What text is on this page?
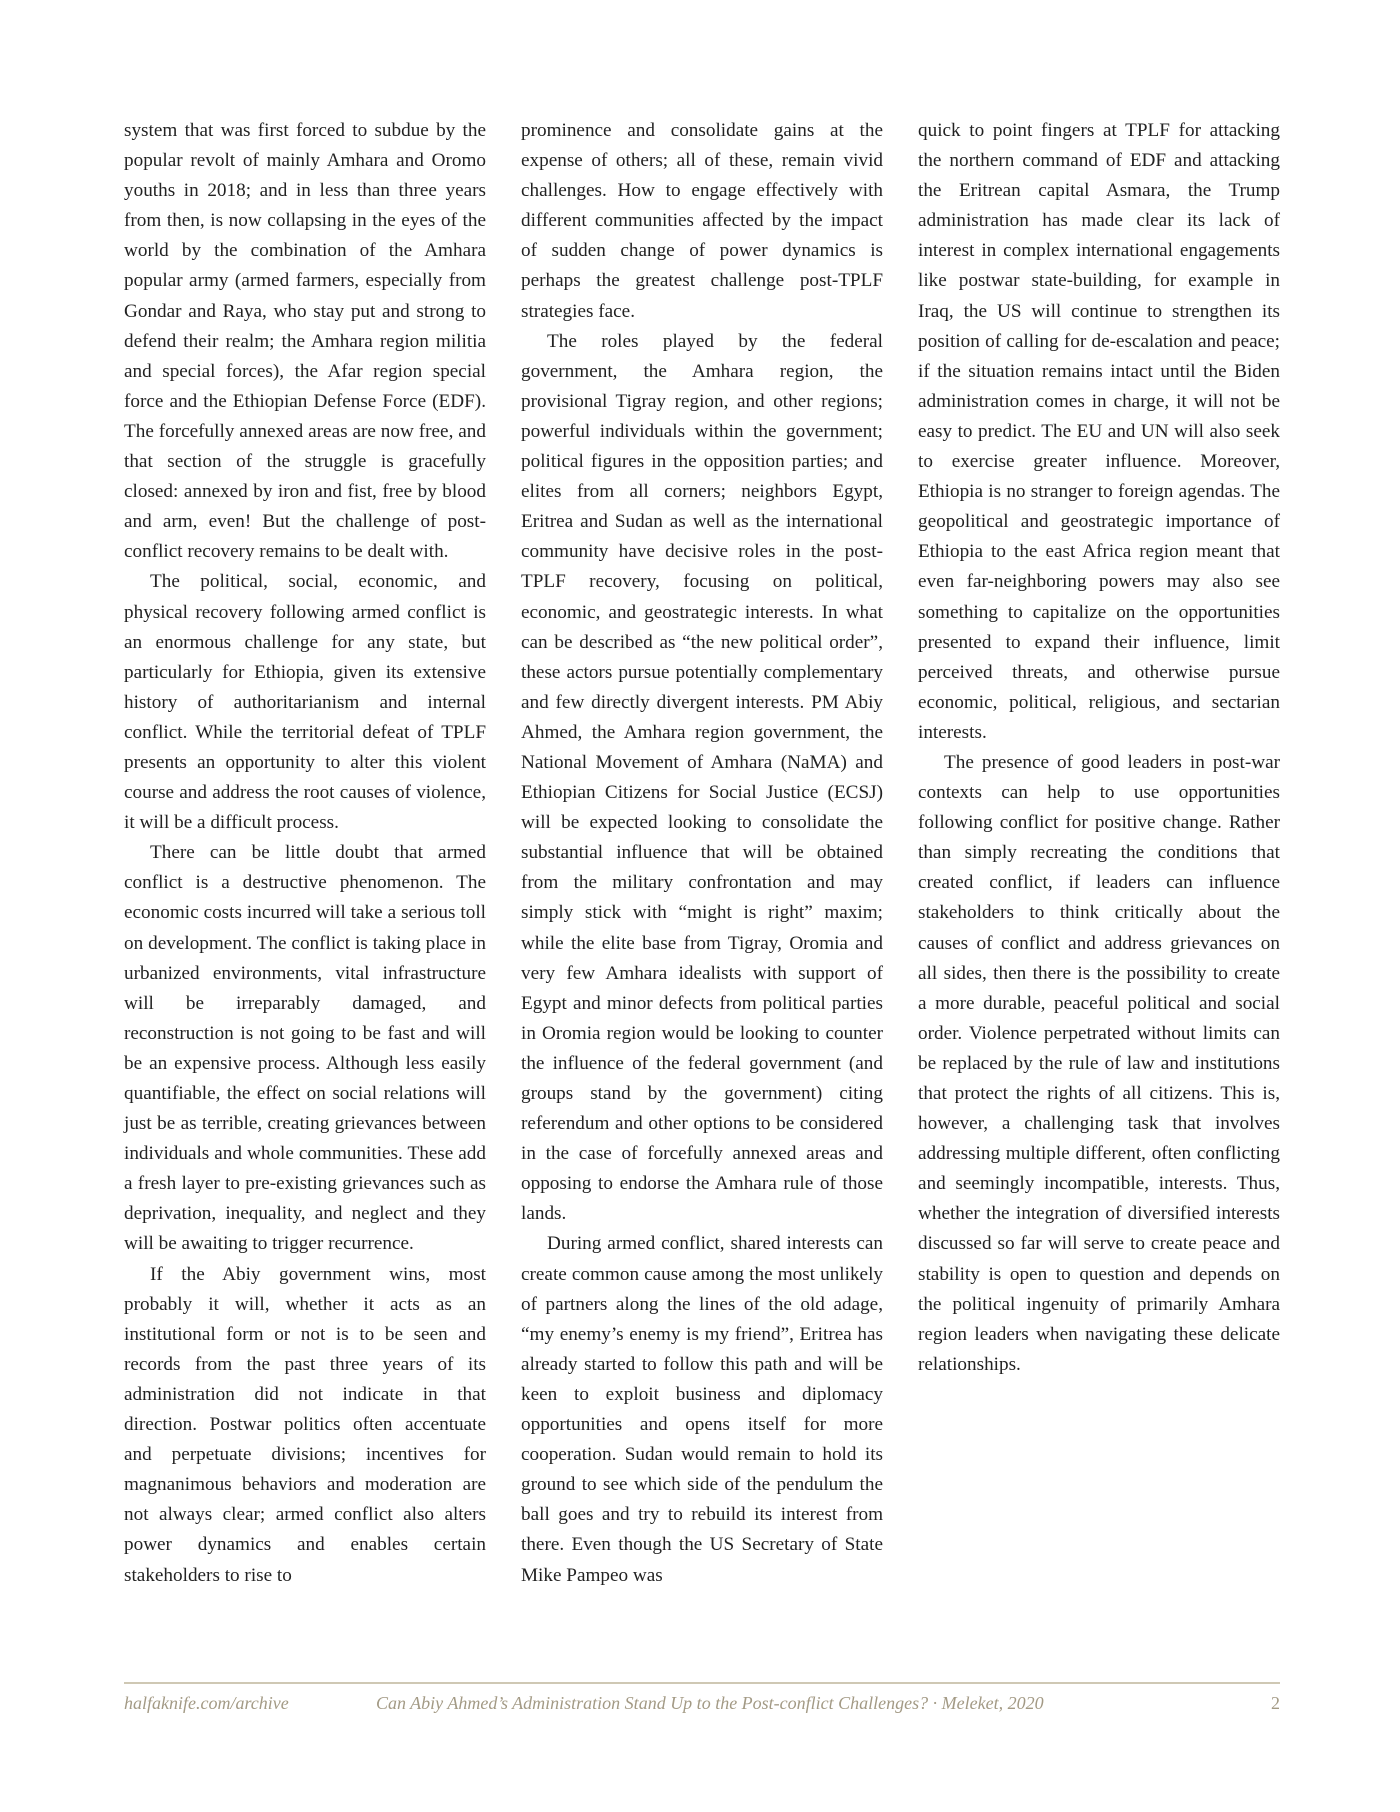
system that was first forced to subdue by the popular revolt of mainly Amhara and Oromo youths in 2018; and in less than three years from then, is now collapsing in the eyes of the world by the combination of the Amhara popular army (armed farmers, especially from Gondar and Raya, who stay put and strong to defend their realm; the Amhara region militia and special forces), the Afar region special force and the Ethiopian Defense Force (EDF). The forcefully annexed areas are now free, and that section of the struggle is gracefully closed: annexed by iron and fist, free by blood and arm, even! But the challenge of post-conflict recovery remains to be dealt with.

The political, social, economic, and physical recovery following armed conflict is an enormous challenge for any state, but particularly for Ethiopia, given its extensive history of authoritarianism and internal conflict. While the territorial defeat of TPLF presents an opportunity to alter this violent course and address the root causes of violence, it will be a difficult process.

There can be little doubt that armed conflict is a destructive phenomenon. The economic costs incurred will take a serious toll on development. The conflict is taking place in urbanized environments, vital infrastructure will be irreparably damaged, and reconstruction is not going to be fast and will be an expensive process. Although less easily quantifiable, the effect on social relations will just be as terrible, creating grievances between individuals and whole communities. These add a fresh layer to pre-existing grievances such as deprivation, inequality, and neglect and they will be awaiting to trigger recurrence.

If the Abiy government wins, most probably it will, whether it acts as an institutional form or not is to be seen and records from the past three years of its administration did not indicate in that direction. Postwar politics often accentuate and perpetuate divisions; incentives for magnanimous behaviors and moderation are not always clear; armed conflict also alters power dynamics and enables certain stakeholders to rise to

prominence and consolidate gains at the expense of others; all of these, remain vivid challenges. How to engage effectively with different communities affected by the impact of sudden change of power dynamics is perhaps the greatest challenge post-TPLF strategies face.

The roles played by the federal government, the Amhara region, the provisional Tigray region, and other regions; powerful individuals within the government; political figures in the opposition parties; and elites from all corners; neighbors Egypt, Eritrea and Sudan as well as the international community have decisive roles in the post-TPLF recovery, focusing on political, economic, and geostrategic interests. In what can be described as “the new political order”, these actors pursue potentially complementary and few directly divergent interests. PM Abiy Ahmed, the Amhara region government, the National Movement of Amhara (NaMA) and Ethiopian Citizens for Social Justice (ECSJ) will be expected looking to consolidate the substantial influence that will be obtained from the military confrontation and may simply stick with “might is right” maxim; while the elite base from Tigray, Oromia and very few Amhara idealists with support of Egypt and minor defects from political parties in Oromia region would be looking to counter the influence of the federal government (and groups stand by the government) citing referendum and other options to be considered in the case of forcefully annexed areas and opposing to endorse the Amhara rule of those lands.

During armed conflict, shared interests can create common cause among the most unlikely of partners along the lines of the old adage, “my enemy’s enemy is my friend”, Eritrea has already started to follow this path and will be keen to exploit business and diplomacy opportunities and opens itself for more cooperation. Sudan would remain to hold its ground to see which side of the pendulum the ball goes and try to rebuild its interest from there. Even though the US Secretary of State Mike Pampeo was

quick to point fingers at TPLF for attacking the northern command of EDF and attacking the Eritrean capital Asmara, the Trump administration has made clear its lack of interest in complex international engagements like postwar state-building, for example in Iraq, the US will continue to strengthen its position of calling for de-escalation and peace; if the situation remains intact until the Biden administration comes in charge, it will not be easy to predict. The EU and UN will also seek to exercise greater influence. Moreover, Ethiopia is no stranger to foreign agendas. The geopolitical and geostrategic importance of Ethiopia to the east Africa region meant that even far-neighboring powers may also see something to capitalize on the opportunities presented to expand their influence, limit perceived threats, and otherwise pursue economic, political, religious, and sectarian interests.

The presence of good leaders in post-war contexts can help to use opportunities following conflict for positive change. Rather than simply recreating the conditions that created conflict, if leaders can influence stakeholders to think critically about the causes of conflict and address grievances on all sides, then there is the possibility to create a more durable, peaceful political and social order. Violence perpetrated without limits can be replaced by the rule of law and institutions that protect the rights of all citizens. This is, however, a challenging task that involves addressing multiple different, often conflicting and seemingly incompatible, interests. Thus, whether the integration of diversified interests discussed so far will serve to create peace and stability is open to question and depends on the political ingenuity of primarily Amhara region leaders when navigating these delicate relationships.

halfaknife.com/archive	Can Abiy Ahmed’s Administration Stand Up to the Post-conflict Challenges? · Meleket, 2020	2
